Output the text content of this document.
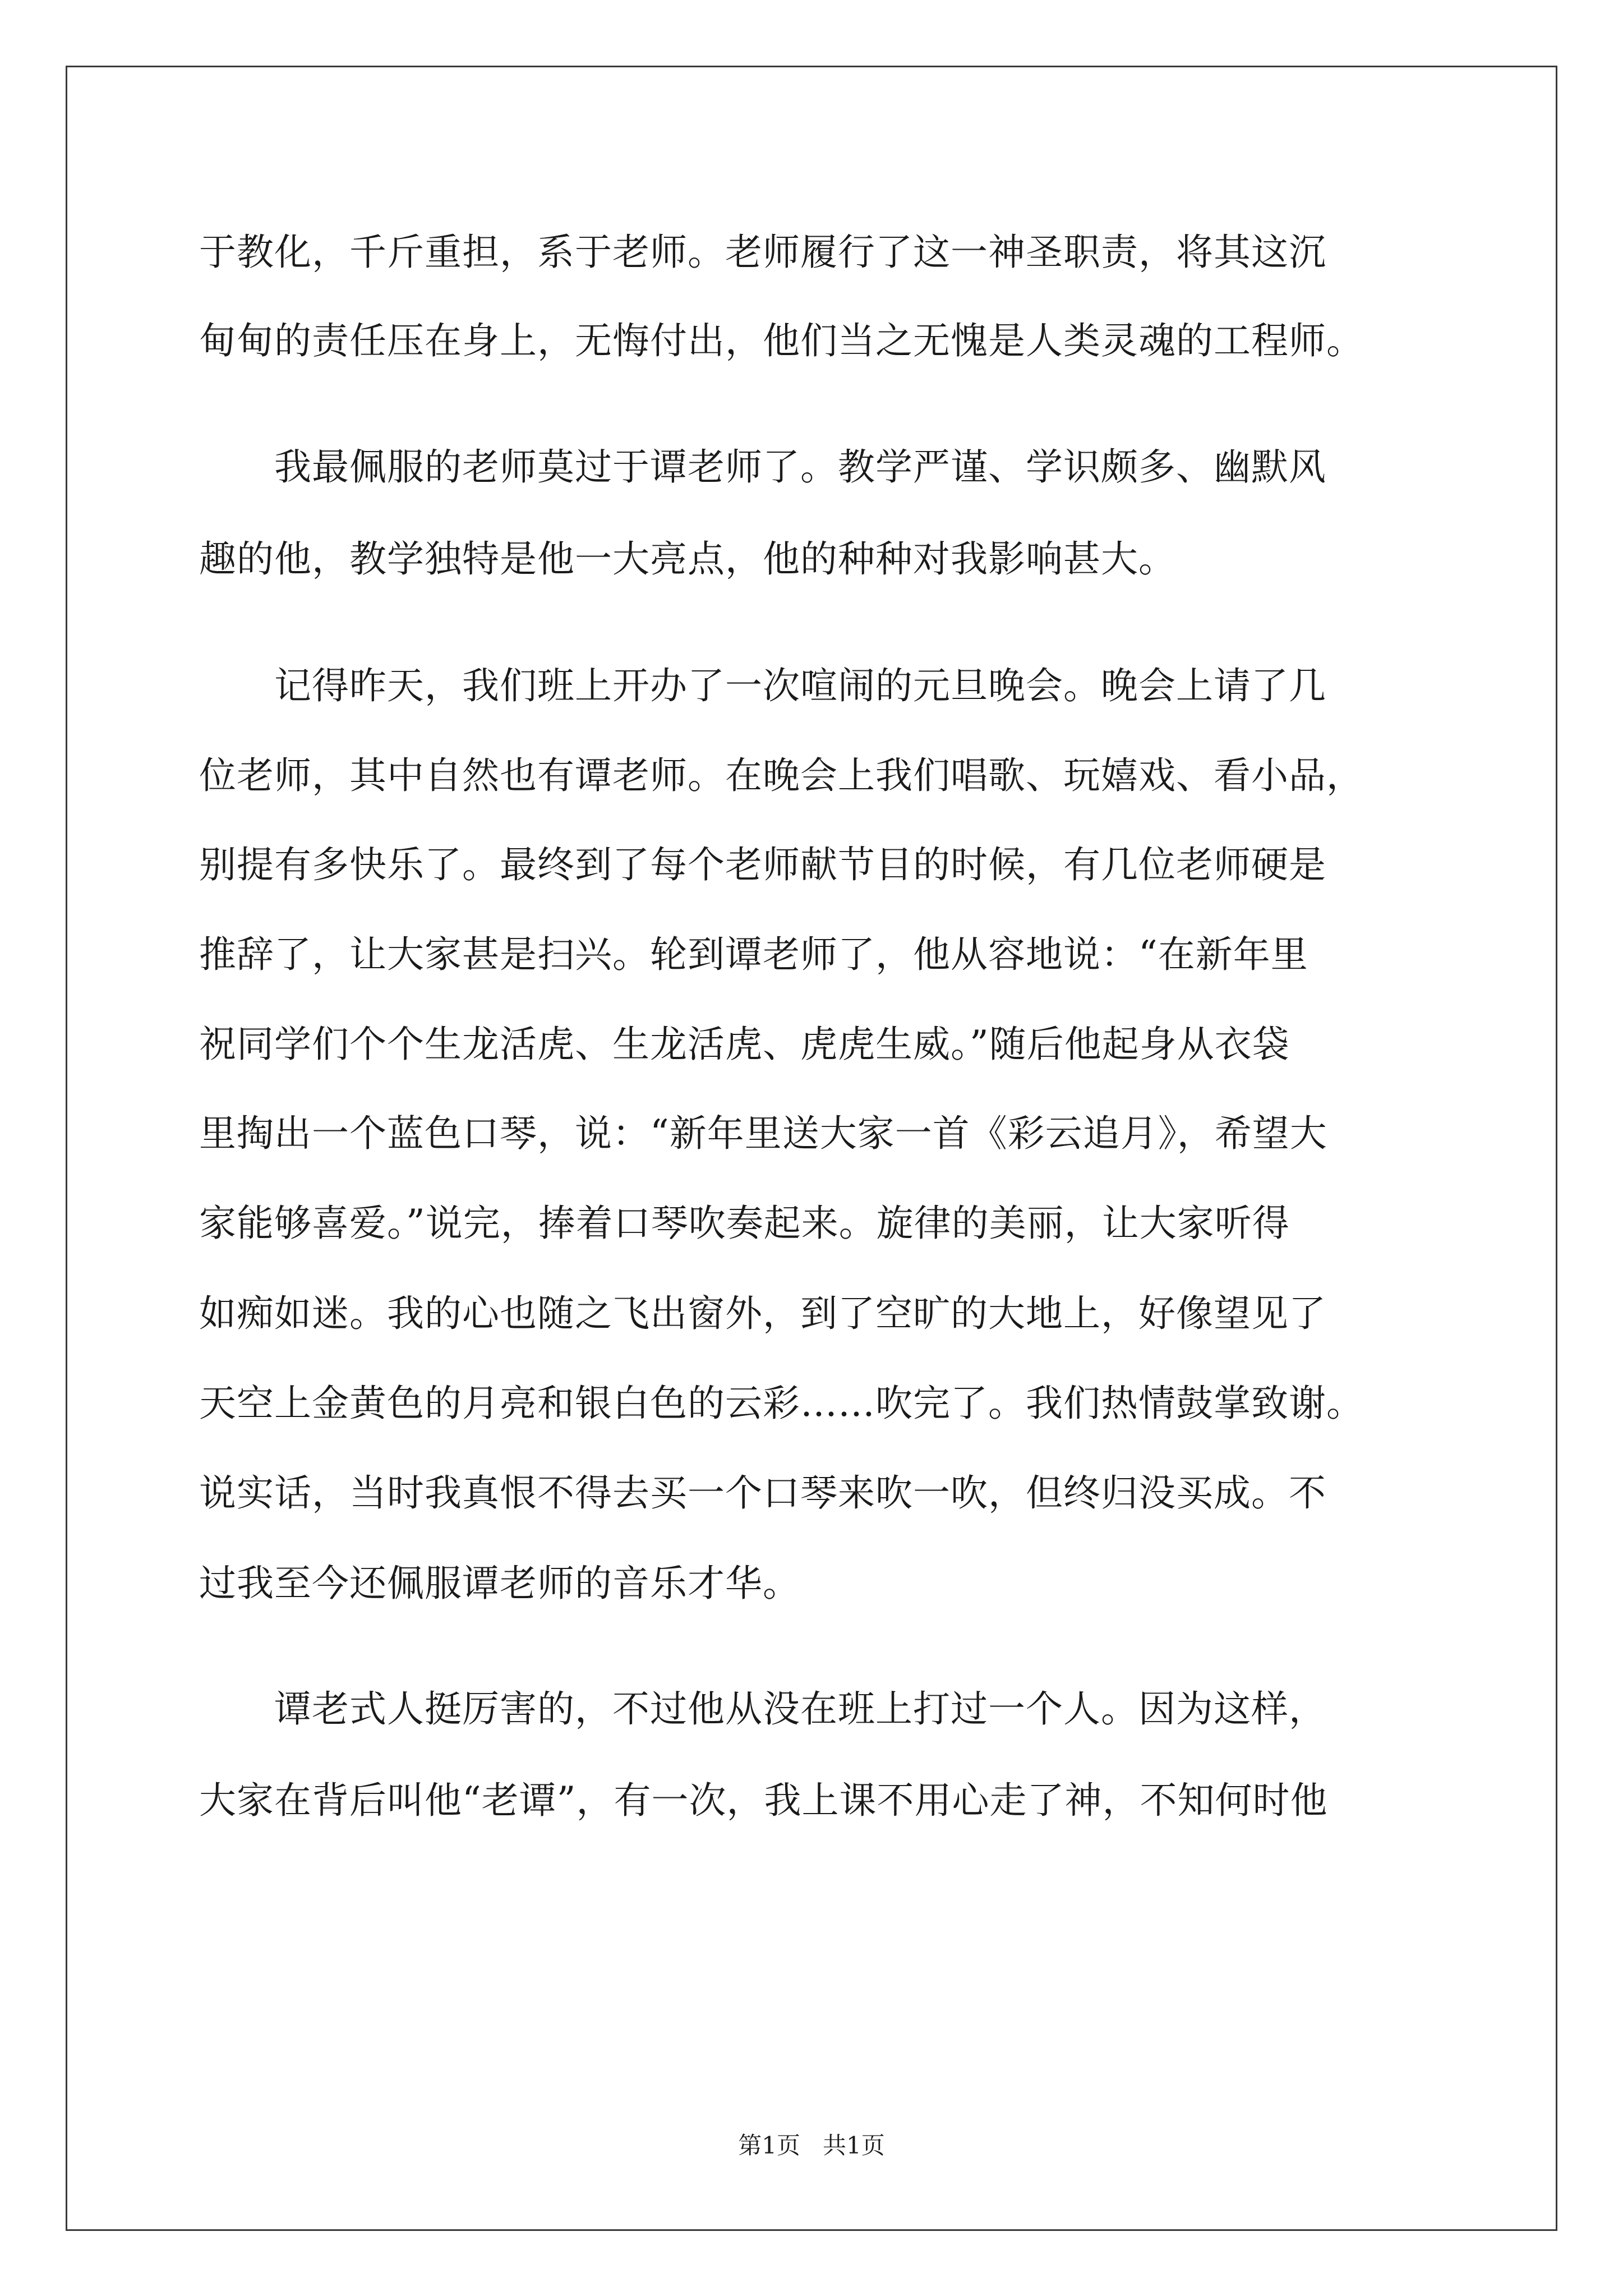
于教化，千斤重担，系于老师。老师履行了这一神圣职责，将其这沉

甸甸的责任压在身上，无悔付出，他们当之无愧是人类灵魂的工程师。

　　我最佩服的老师莫过于谭老师了。教学严谨、学识颇多、幽默风

趣的他，教学独特是他一大亮点，他的种种对我影响甚大。

　　记得昨天，我们班上开办了一次喧闹的元旦晚会。晚会上请了几

位老师，其中自然也有谭老师。在晚会上我们唱歌、玩嬉戏、看小品，

别提有多快乐了。最终到了每个老师献节目的时候，有几位老师硬是

推辞了，让大家甚是扫兴。轮到谭老师了，他从容地说：“在新年里

祝同学们个个生龙活虎、生龙活虎、虎虎生威。”随后他起身从衣袋

里掏出一个蓝色口琴，说：“新年里送大家一首《彩云追月》，希望大

家能够喜爱。”说完，捧着口琴吹奏起来。旋律的美丽，让大家听得

如痴如迷。我的心也随之飞出窗外，到了空旷的大地上，好像望见了

天空上金黄色的月亮和银白色的云彩……吹完了。我们热情鼓掌致谢。

说实话，当时我真恨不得去买一个口琴来吹一吹，但终归没买成。不

过我至今还佩服谭老师的音乐才华。

　　谭老式人挺厉害的，不过他从没在班上打过一个人。因为这样，

大家在背后叫他“老谭”，有一次，我上课不用心走了神，不知何时他

第1页 共1页
